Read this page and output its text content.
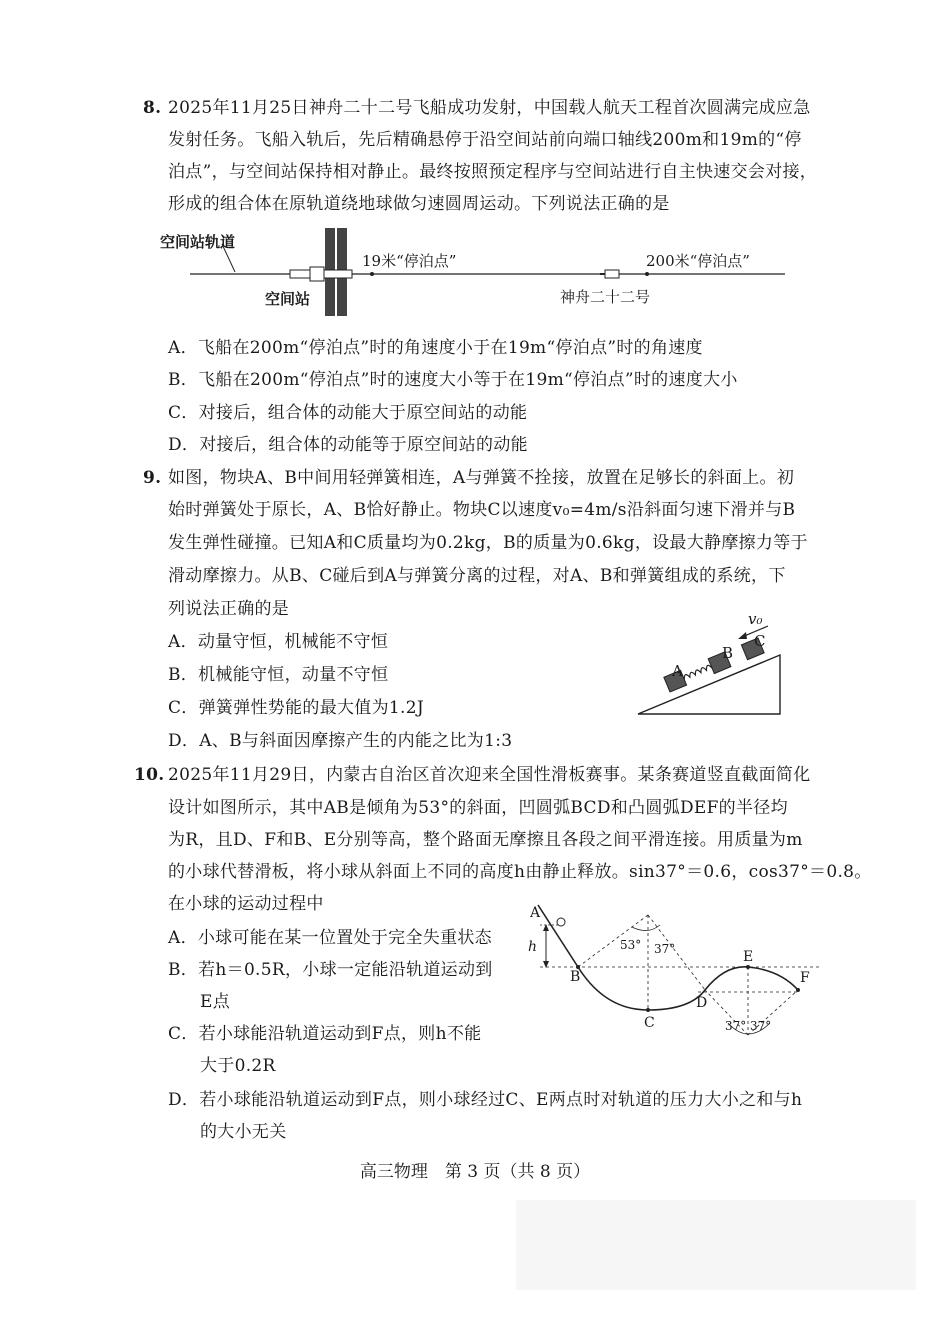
8. 2025年11月25日神舟二十二号飞船成功发射，中国载人航天工程首次圆满完成应急
发射任务。飞船入轨后，先后精确悬停于沿空间站前向端口轴线200m和19m的“停
泊点”，与空间站保持相对静止。最终按照预定程序与空间站进行自主快速交会对接，
形成的组合体在原轨道绕地球做匀速圆周运动。下列说法正确的是
空间站轨道
空间站
19米“停泊点”	200米“停泊点”
神舟二十二号
A．飞船在200m“停泊点”时的角速度小于在19m“停泊点”时的角速度
B．飞船在200m“停泊点”时的速度大小等于在19m“停泊点”时的速度大小
C．对接后，组合体的动能大于原空间站的动能
D．对接后，组合体的动能等于原空间站的动能
9. 如图，物块A、B中间用轻弹簧相连，A与弹簧不拴接，放置在足够长的斜面上。初
始时弹簧处于原长，A、B恰好静止。物块C以速度v₀=4m/s沿斜面匀速下滑并与B
发生弹性碰撞。已知A和C质量均为0.2kg，B的质量为0.6kg，设最大静摩擦力等于
滑动摩擦力。从B、C碰后到A与弹簧分离的过程，对A、B和弹簧组成的系统，下
列说法正确的是
A．动量守恒，机械能不守恒
B．机械能守恒，动量不守恒
C．弹簧弹性势能的最大值为1.2J
D．A、B与斜面因摩擦产生的内能之比为1:3
A
B
C
v₀
10. 2025年11月29日，内蒙古自治区首次迎来全国性滑板赛事。某条赛道竖直截面简化
设计如图所示，其中AB是倾角为53°的斜面，凹圆弧BCD和凸圆弧DEF的半径均
为R，且D、F和B、E分别等高，整个路面无摩擦且各段之间平滑连接。用质量为m
的小球代替滑板，将小球从斜面上不同的高度h由静止释放。sin37°＝0.6，cos37°＝0.8。
在小球的运动过程中
A．小球可能在某一位置处于完全失重状态
B．若h＝0.5R，小球一定能沿轨道运动到
E点
C．若小球能沿轨道运动到F点，则h不能
大于0.2R
D．若小球能沿轨道运动到F点，则小球经过C、E两点时对轨道的压力大小之和与h
的大小无关
A
h
B
C
D
E
F
53° 37°
37° 37°
高三物理　第 3 页（共 8 页）
